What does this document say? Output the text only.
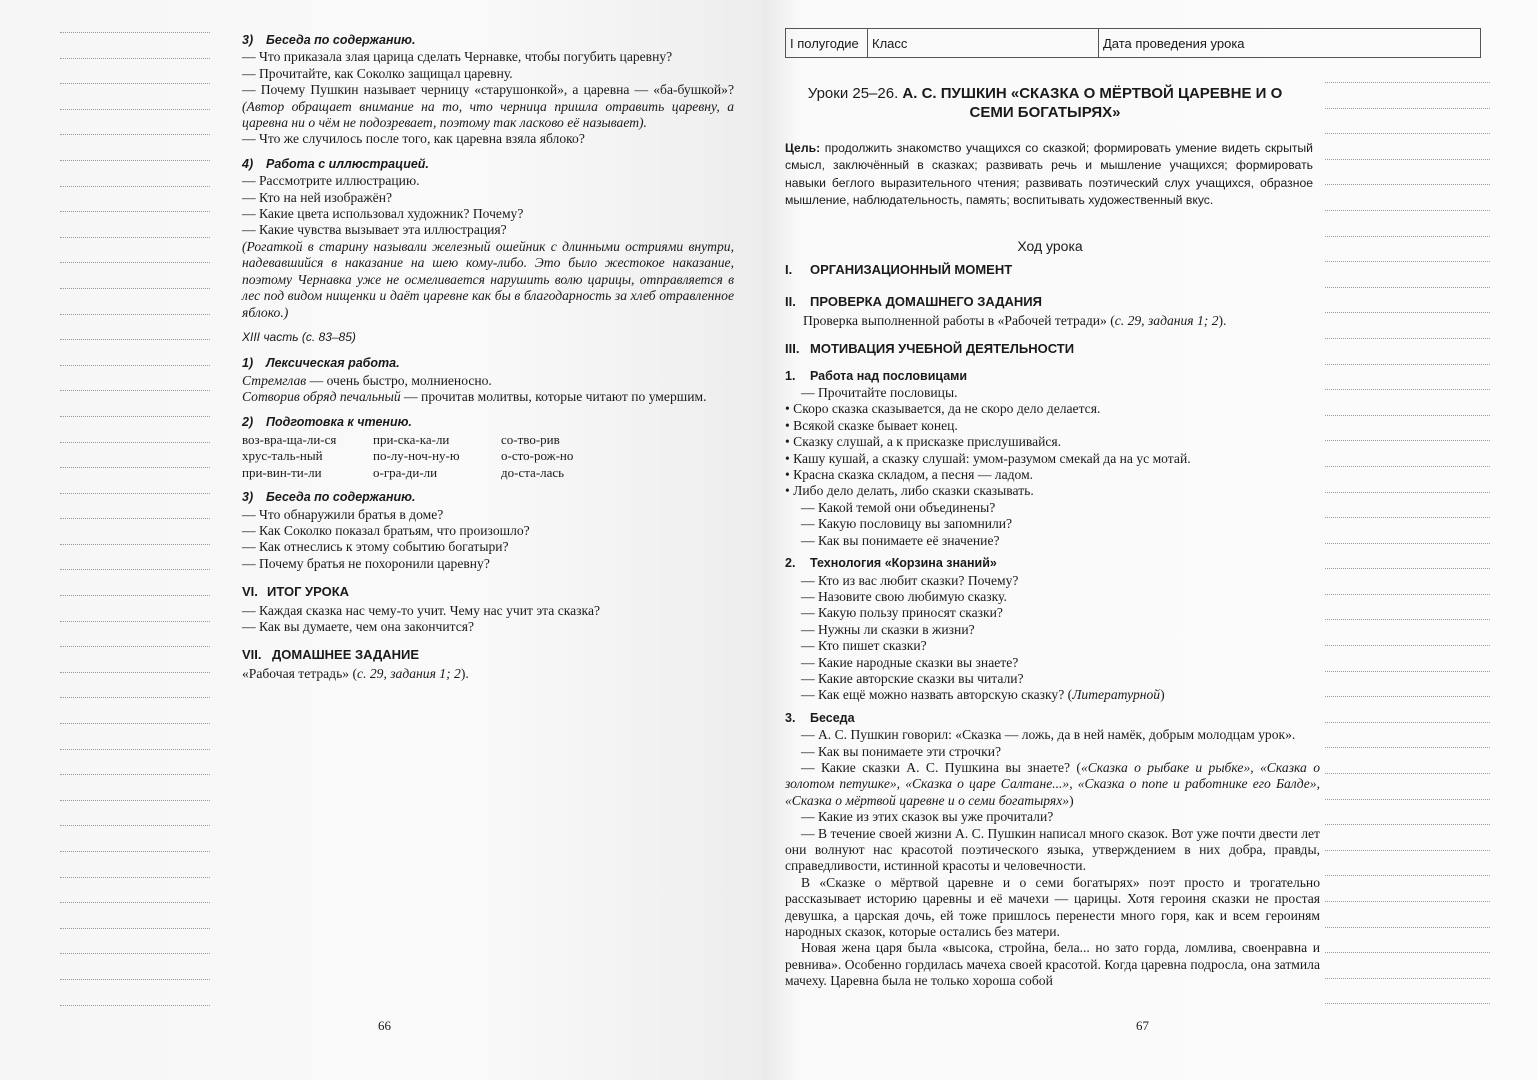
3) Беседа по содержанию.
— Что приказала злая царица сделать Чернавке, чтобы погубить царевну?
— Прочитайте, как Соколко защищал царевну.
— Почему Пушкин называет черницу «старушонкой», а царевна — «ба-бушкой»? (Автор обращает внимание на то, что черница пришла отравить царевну, а царевна ни о чём не подозревает, поэтому так ласково её называет).
— Что же случилось после того, как царевна взяла яблоко?
4) Работа с иллюстрацией.
— Рассмотрите иллюстрацию.
— Кто на ней изображён?
— Какие цвета использовал художник? Почему?
— Какие чувства вызывает эта иллюстрация?
(Рогаткой в старину называли железный ошейник с длинными остриями внутри, надевавшийся в наказание на шею кому-либо. Это было жестокое наказание, поэтому Чернавка уже не осмеливается нарушить волю царицы, отправляется в лес под видом нищенки и даёт царевне как бы в благодарность за хлеб отравленное яблоко.)
XIII часть (с. 83–85)
1) Лексическая работа.
Стремглав — очень быстро, молниеносно.
Сотворив обряд печальный — прочитав молитвы, которые читают по умершим.
2) Подготовка к чтению.
воз-вра-ща-ли-ся	при-ска-ка-ли	со-тво-рив
хрус-таль-ный	по-лу-ноч-ну-ю	о-сто-рож-но
при-вин-ти-ли	о-гра-ди-ли	до-ста-лась
3) Беседа по содержанию.
— Что обнаружили братья в доме?
— Как Соколко показал братьям, что произошло?
— Как отнеслись к этому событию богатыри?
— Почему братья не похоронили царевну?
VI. ИТОГ УРОКА
— Каждая сказка нас чему-то учит. Чему нас учит эта сказка?
— Как вы думаете, чем она закончится?
VII. ДОМАШНЕЕ ЗАДАНИЕ
«Рабочая тетрадь» (с. 29, задания 1; 2).
66
I полугодие	Класс	Дата проведения урока
Уроки 25–26. А. С. ПУШКИН «СКАЗКА О МЁРТВОЙ ЦАРЕВНЕ И О СЕМИ БОГАТЫРЯХ»
Цель: продолжить знакомство учащихся со сказкой; формировать умение видеть скрытый смысл, заключённый в сказках; развивать речь и мышление учащихся; формировать навыки беглого выразительного чтения; развивать поэтический слух учащихся, образное мышление, наблюдательность, память; воспитывать художественный вкус.
Ход урока
I. ОРГАНИЗАЦИОННЫЙ МОМЕНТ
II. ПРОВЕРКА ДОМАШНЕГО ЗАДАНИЯ
Проверка выполненной работы в «Рабочей тетради» (с. 29, задания 1; 2).
III. МОТИВАЦИЯ УЧЕБНОЙ ДЕЯТЕЛЬНОСТИ
1. Работа над пословицами
— Прочитайте пословицы.
• Скоро сказка сказывается, да не скоро дело делается.
• Всякой сказке бывает конец.
• Сказку слушай, а к присказке прислушивайся.
• Кашу кушай, а сказку слушай: умом-разумом смекай да на ус мотай.
• Красна сказка складом, а песня — ладом.
• Либо дело делать, либо сказки сказывать.
— Какой темой они объединены?
— Какую пословицу вы запомнили?
— Как вы понимаете её значение?
2. Технология «Корзина знаний»
— Кто из вас любит сказки? Почему?
— Назовите свою любимую сказку.
— Какую пользу приносят сказки?
— Нужны ли сказки в жизни?
— Кто пишет сказки?
— Какие народные сказки вы знаете?
— Какие авторские сказки вы читали?
— Как ещё можно назвать авторскую сказку? (Литературной)
3. Беседа
— А. С. Пушкин говорил: «Сказка — ложь, да в ней намёк, добрым молодцам урок».
— Как вы понимаете эти строчки?
— Какие сказки А. С. Пушкина вы знаете? («Сказка о рыбаке и рыбке», «Сказка о золотом петушке», «Сказка о царе Салтане...», «Сказка о попе и работнике его Балде», «Сказка о мёртвой царевне и о семи богатырях»)
— Какие из этих сказок вы уже прочитали?
— В течение своей жизни А. С. Пушкин написал много сказок. Вот уже почти двести лет они волнуют нас красотой поэтического языка, утверждением в них добра, правды, справедливости, истинной красоты и человечности.
В «Сказке о мёртвой царевне и о семи богатырях» поэт просто и трогательно рассказывает историю царевны и её мачехи — царицы. Хотя героиня сказки не простая девушка, а царская дочь, ей тоже пришлось перенести много горя, как и всем героиням народных сказок, которые остались без матери.
Новая жена царя была «высока, стройна, бела... но зато горда, ломлива, своенравна и ревнива». Особенно гордилась мачеха своей красотой. Когда царевна подросла, она затмила мачеху. Царевна была не только хороша собой
67
